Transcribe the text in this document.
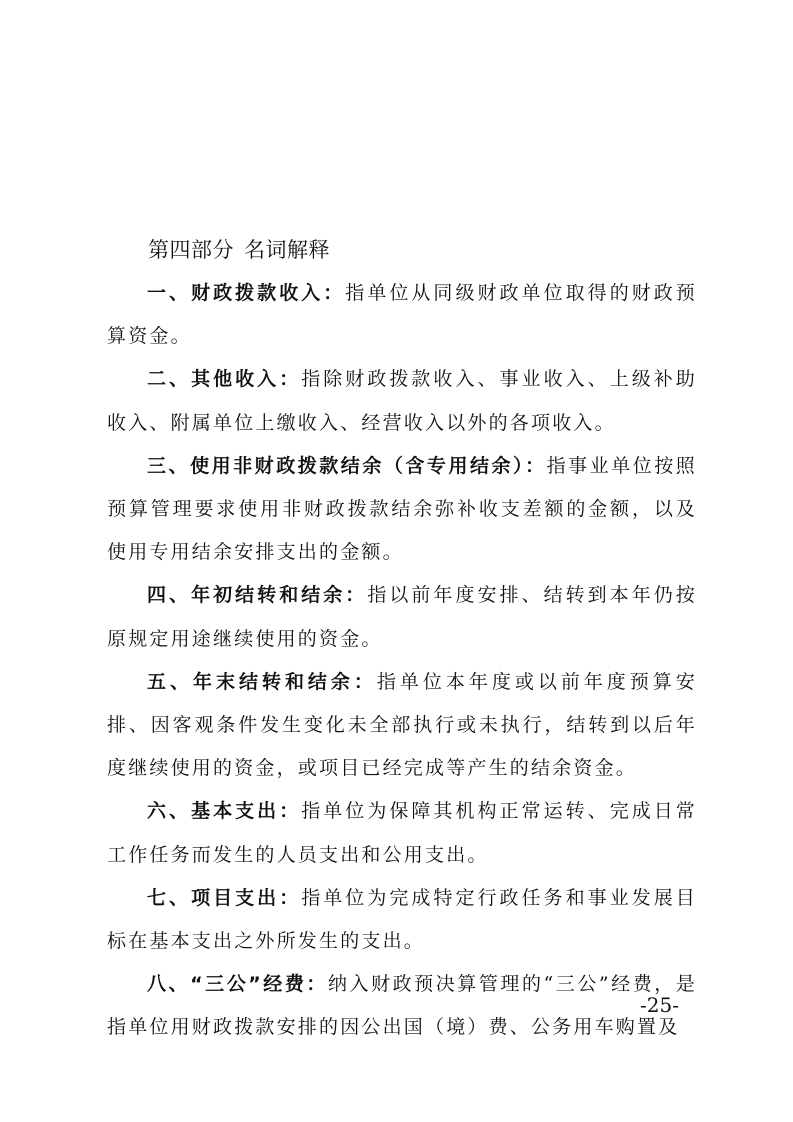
第四部分 名词解释

一、财政拨款收入：指单位从同级财政单位取得的财政预算资金。

二、其他收入：指除财政拨款收入、事业收入、上级补助收入、附属单位上缴收入、经营收入以外的各项收入。

三、使用非财政拨款结余（含专用结余）：指事业单位按照预算管理要求使用非财政拨款结余弥补收支差额的金额，以及使用专用结余安排支出的金额。

四、年初结转和结余：指以前年度安排、结转到本年仍按原规定用途继续使用的资金。

五、年末结转和结余：指单位本年度或以前年度预算安排、因客观条件发生变化未全部执行或未执行，结转到以后年度继续使用的资金，或项目已经完成等产生的结余资金。

六、基本支出：指单位为保障其机构正常运转、完成日常工作任务而发生的人员支出和公用支出。

七、项目支出：指单位为完成特定行政任务和事业发展目标在基本支出之外所发生的支出。

八、“三公”经费：纳入财政预决算管理的“三公”经费，是指单位用财政拨款安排的因公出国（境）费、公务用车购置及

-25-
